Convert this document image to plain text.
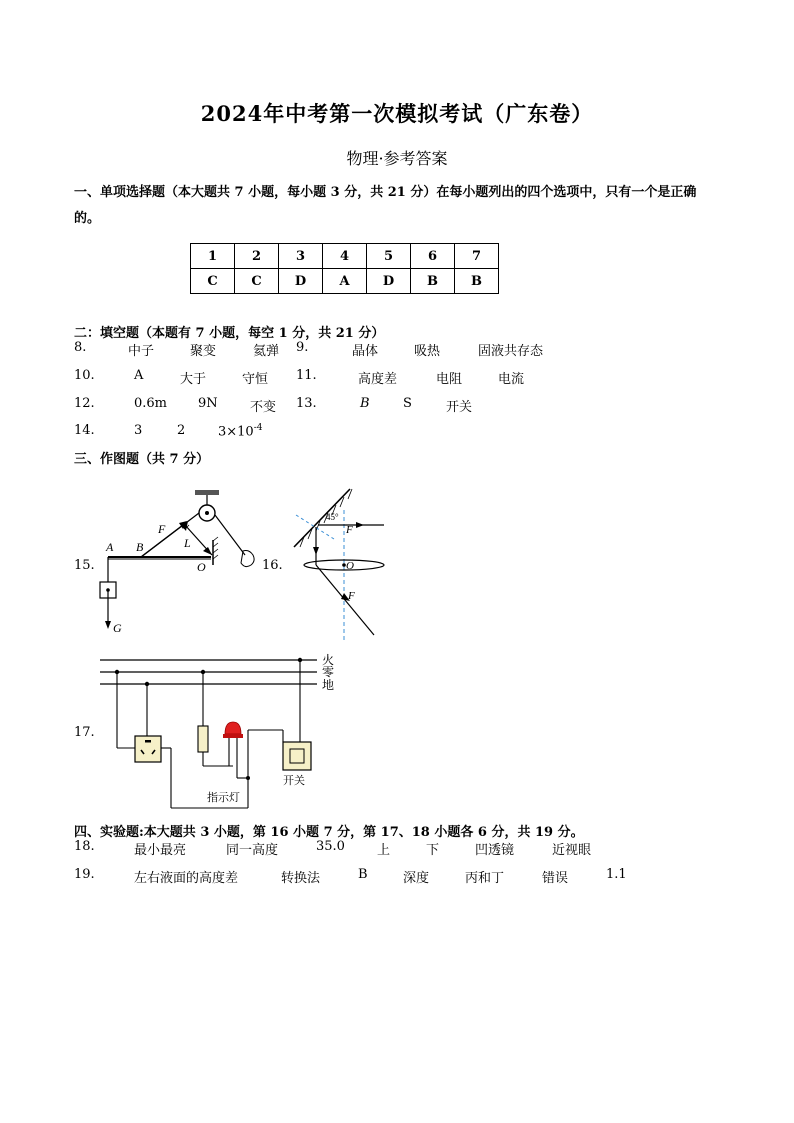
2024年中考第一次模拟考试（广东卷）
物理·参考答案
一、单项选择题（本大题共 7 小题，每小题 3 分，共 21 分）在每小题列出的四个选项中，只有一个是正确
的。
1	2	3	4	5	6	7
C	C	D	A	D	B	B
二：填空题（本题有 7 小题，每空 1 分，共 21 分）
8.	中子	聚变	氦弹 9.	晶体	吸热	固液共存态
10.	A	大于	守恒 11.	高度差	电阻	电流
12.	0.6m 9N 不变 13.	B	S	开关
14.	3	2	$3\times 10^{-4}$
三、作图题（共 7 分）
15.	16.
17.
A B
F
L
O
G
45°
F
O
F
火
零
地
开关
指示灯
四、实验题:本大题共 3 小题，第 16 小题 7 分，第 17、18 小题各 6 分，共 19 分。
18.	最小最亮	同一高度	35.0 上	下	凹透镜	近视眼
19.	左右液面的高度差	转换法	B	深度	丙和丁	错误	1.1
